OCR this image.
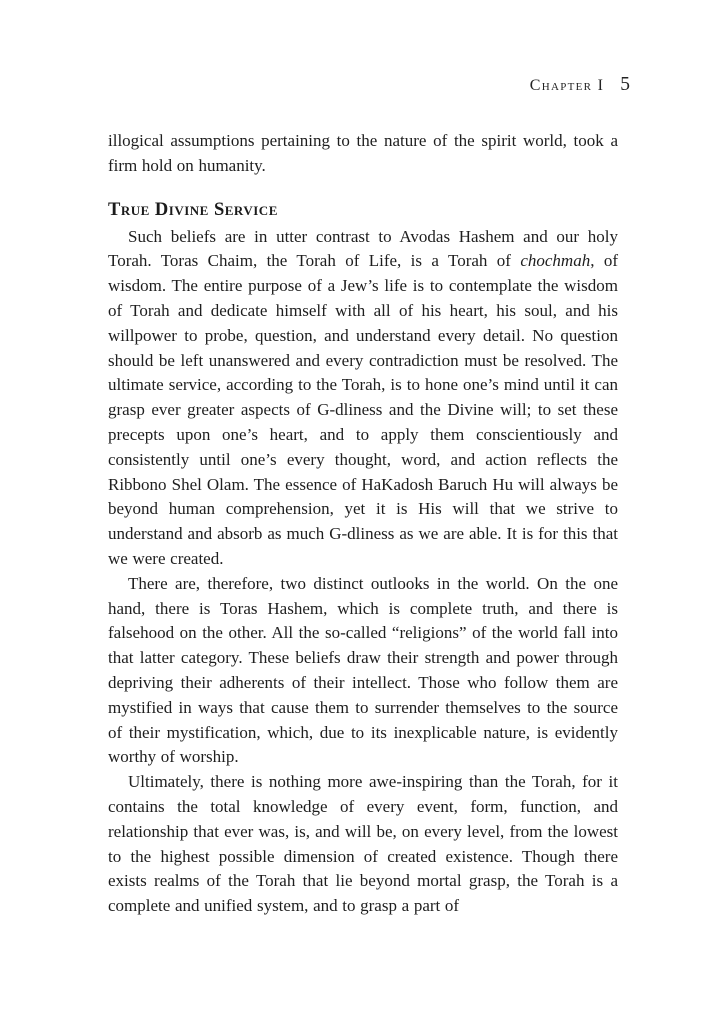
Chapter I 5

illogical assumptions pertaining to the nature of the spirit world, took a firm hold on humanity.

True Divine Service

Such beliefs are in utter contrast to Avodas Hashem and our holy Torah. Toras Chaim, the Torah of Life, is a Torah of chochmah, of wisdom. The entire purpose of a Jew’s life is to contemplate the wisdom of Torah and dedicate himself with all of his heart, his soul, and his willpower to probe, question, and understand every detail. No question should be left unanswered and every contradiction must be resolved. The ultimate service, according to the Torah, is to hone one’s mind until it can grasp ever greater aspects of G-dliness and the Divine will; to set these precepts upon one’s heart, and to apply them conscientiously and consistently until one’s every thought, word, and action reflects the Ribbono Shel Olam. The essence of HaKadosh Baruch Hu will always be beyond human comprehension, yet it is His will that we strive to understand and absorb as much G-dliness as we are able. It is for this that we were created.

There are, therefore, two distinct outlooks in the world. On the one hand, there is Toras Hashem, which is complete truth, and there is falsehood on the other. All the so-called “religions” of the world fall into that latter category. These beliefs draw their strength and power through depriving their adherents of their intellect. Those who follow them are mystified in ways that cause them to surrender themselves to the source of their mystification, which, due to its inexplicable nature, is evidently worthy of worship.

Ultimately, there is nothing more awe-inspiring than the Torah, for it contains the total knowledge of every event, form, function, and relationship that ever was, is, and will be, on every level, from the lowest to the highest possible dimension of created existence. Though there exists realms of the Torah that lie beyond mortal grasp, the Torah is a complete and unified system, and to grasp a part of
